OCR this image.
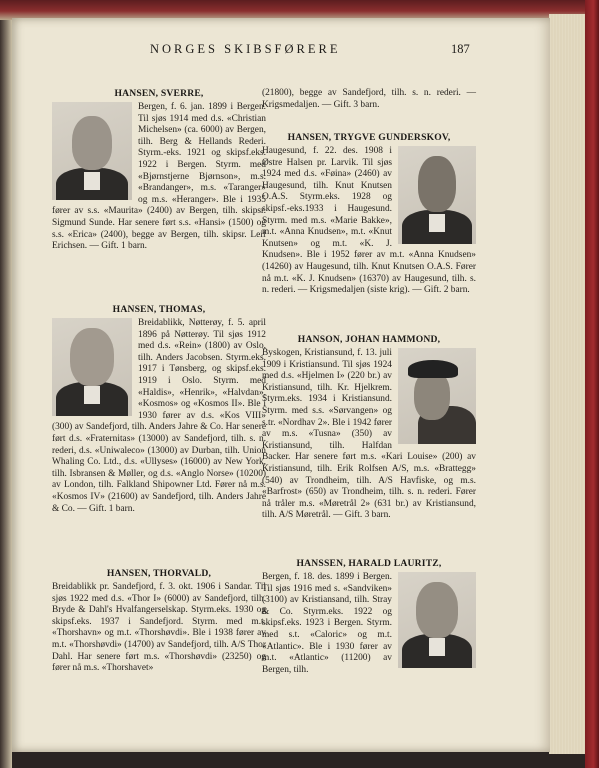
NORGES SKIBSFØRERE	187
HANSEN, SVERRE,
Bergen, f. 6. jan. 1899 i Bergen. Til sjøs 1914 med d.s. «Christian Michelsen» (ca. 6000) av Bergen, tilh. Berg & Hellands Rederi. Styrm.-eks. 1921 og skipsf.eks. 1922 i Bergen. Styrm. med «Bjørnstjerne Bjørnson», m.s. «Brandanger», m.s. «Taranger» og m.s. «Heranger». Ble i 1935 fører av s.s. «Maurita» (2400) av Bergen, tilh. skipsr. Sigmund Sunde. Har senere ført s.s. «Hansi» (1500) og s.s. «Erica» (2400), begge av Bergen, tilh. skipsr. Leif Erichsen. — Gift. 1 barn.
HANSEN, THOMAS,
Breidablikk, Nøtterøy, f. 5. april 1896 på Nøtterøy. Til sjøs 1912 med d.s. «Rein» (1800) av Oslo, tilh. Anders Jacobsen. Styrm.eks. 1917 i Tønsberg, og skipsf.eks. 1919 i Oslo. Styrm. med «Haldis», «Henrik», «Halvdan», «Kosmos» og «Kosmos II». Ble i 1930 fører av d.s. «Kos VIII» (300) av Sandefjord, tilh. Anders Jahre & Co. Har senere ført d.s. «Fraternitas» (13000) av Sandefjord, tilh. s. n. rederi, d.s. «Uniwaleco» (13000) av Durban, tilh. Union Whaling Co. Ltd., d.s. «Ullyses» (16000) av New York, tilh. Isbransen & Møller, og d.s. «Anglo Norse» (10200) av London, tilh. Falkland Shipowner Ltd. Fører nå m.s. «Kosmos IV» (21600) av Sandefjord, tilh. Anders Jahre & Co. — Gift. 1 barn.
HANSEN, THORVALD,
Breidablikk pr. Sandefjord, f. 3. okt. 1906 i Sandar. Til sjøs 1922 med d.s. «Thor I» (6000) av Sandefjord, tilh. Bryde & Dahl's Hvalfangerselskap. Styrm.eks. 1930 og skipsf.eks. 1937 i Sandefjord. Styrm. med m.t. «Thorshavn» og m.t. «Thorshøvdi». Ble i 1938 fører av m.t. «Thorshøvdi» (14700) av Sandefjord, tilh. A/S Thor Dahl. Har senere ført m.s. «Thorshøvdi» (23250) og fører nå m.s. «Thorshavet»
(21800), begge av Sandefjord, tilh. s. n. rederi. — Krigsmedaljen. — Gift. 3 barn.
HANSEN, TRYGVE GUNDERSKOV,
Haugesund, f. 22. des. 1908 i Østre Halsen pr. Larvik. Til sjøs 1924 med d.s. «Føina» (2460) av Haugesund, tilh. Knut Knutsen O.A.S. Styrm.eks. 1928 og skipsf.-eks.1933 i Haugesund. Styrm. med m.s. «Marie Bakke», m.t. «Anna Knudsen», m.t. «Knut Knutsen» og m.t. «K. J. Knudsen». Ble i 1952 fører av m.t. «Anna Knudsen» (14260) av Haugesund, tilh. Knut Knutsen O.A.S. Fører nå m.t. «K. J. Knudsen» (16370) av Haugesund, tilh. s. n. rederi. — Krigsmedaljen (siste krig). — Gift. 2 barn.
HANSON, JOHAN HAMMOND,
Byskogen, Kristiansund, f. 13. juli 1909 i Kristiansund. Til sjøs 1924 med d.s. «Hjelmen I» (220 br.) av Kristiansund, tilh. Kr. Hjelkrem. Styrm.eks. 1934 i Kristiansund. Styrm. med s.s. «Sørvangen» og s.tr. «Nordhav 2». Ble i 1942 fører av m.s. «Tusna» (350) av Kristiansund, tilh. Halfdan Backer. Har senere ført m.s. «Kari Louise» (200) av Kristiansund, tilh. Erik Rolfsen A/S, m.s. «Brattegg» (540) av Trondheim, tilh. A/S Havfiske, og m.s. «Barfrost» (650) av Trondheim, tilh. s. n. rederi. Fører nå tråler m.s. «Møretrål 2» (631 br.) av Kristiansund, tilh. A/S Møretrål. — Gift. 3 barn.
HANSSEN, HARALD LAURITZ,
Bergen, f. 18. des. 1899 i Bergen. Til sjøs 1916 med s. «Sandviken» (3100) av Kristiansand, tilh. Stray & Co. Styrm.eks. 1922 og skipsf.eks. 1923 i Bergen. Styrm. med s.t. «Caloric» og m.t. «Atlantic». Ble i 1930 fører av m.t. «Atlantic» (11200) av Bergen, tilh.
